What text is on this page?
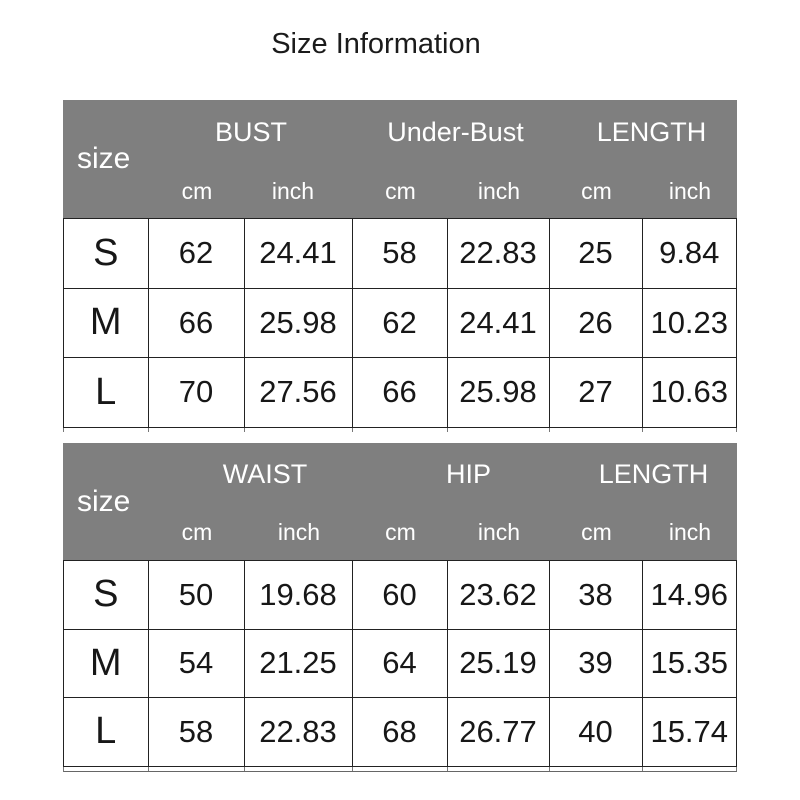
Size Information
size
BUST	Under-Bust	LENGTH
cm	inch	cm	inch	cm	inch
S	62	24.41	58	22.83	25	9.84
M	66	25.98	62	24.41	26	10.23
L	70	27.56	66	25.98	27	10.63
size
WAIST	HIP	LENGTH
cm	inch	cm	inch	cm	inch
S	50	19.68	60	23.62	38	14.96
M	54	21.25	64	25.19	39	15.35
L	58	22.83	68	26.77	40	15.74
